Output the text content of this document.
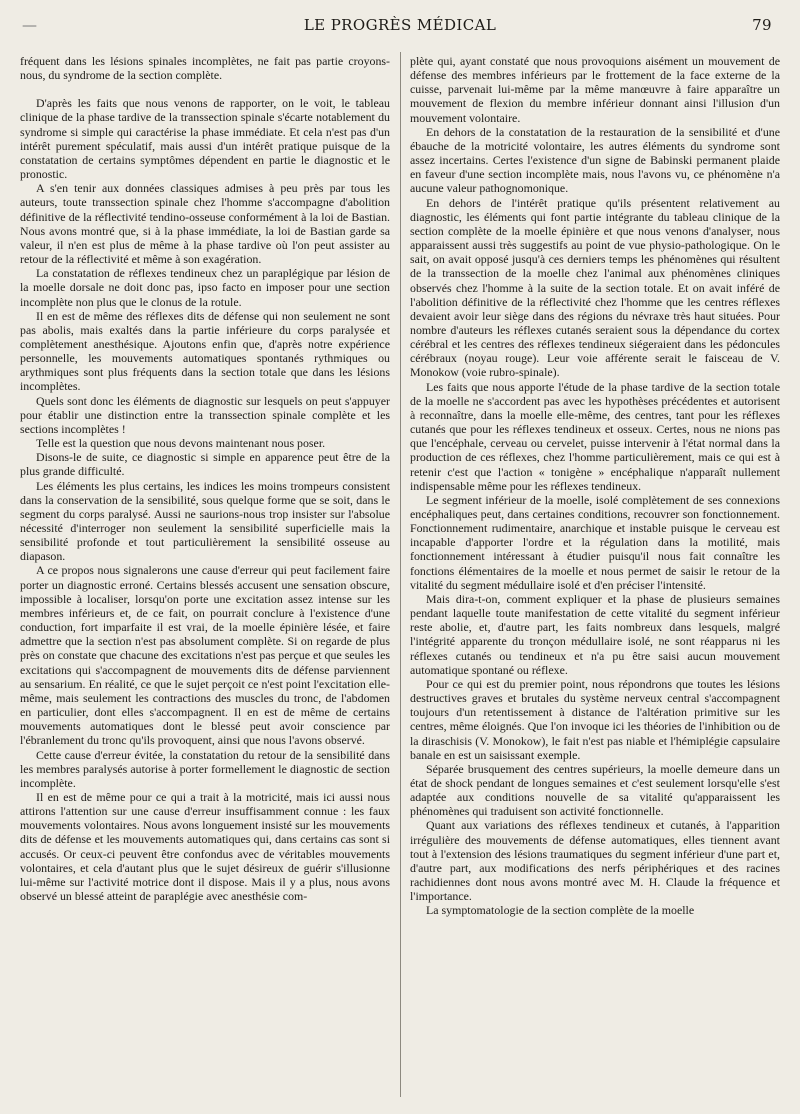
—	LE PROGRÈS MÉDICAL	79

fréquent dans les lésions spinales incomplètes, ne fait pas partie croyons-nous, du syndrome de la section complète.

D'après les faits que nous venons de rapporter, on le voit, le tableau clinique de la phase tardive de la transsection spinale s'écarte notablement du syndrome si simple qui caractérise la phase immédiate. Et cela n'est pas d'un intérêt purement spéculatif, mais aussi d'un intérêt pratique puisque de la constatation de certains symptômes dépendent en partie le diagnostic et le pronostic.

A s'en tenir aux données classiques admises à peu près par tous les auteurs, toute transsection spinale chez l'homme s'accompagne d'abolition définitive de la réflectivité tendino-osseuse conformément à la loi de Bastian. Nous avons montré que, si à la phase immédiate, la loi de Bastian garde sa valeur, il n'en est plus de même à la phase tardive où l'on peut assister au retour de la réflectivité et même à son exagération.

La constatation de réflexes tendineux chez un paraplégique par lésion de la moelle dorsale ne doit donc pas, ipso facto en imposer pour une section incomplète non plus que le clonus de la rotule.

Il en est de même des réflexes dits de défense qui non seulement ne sont pas abolis, mais exaltés dans la partie inférieure du corps paralysée et complètement anesthésique. Ajoutons enfin que, d'après notre expérience personnelle, les mouvements automatiques spontanés rythmiques ou arythmiques sont plus fréquents dans la section totale que dans les lésions incomplètes.

Quels sont donc les éléments de diagnostic sur lesquels on peut s'appuyer pour établir une distinction entre la transsection spinale complète et les sections incomplètes !

Telle est la question que nous devons maintenant nous poser.

Disons-le de suite, ce diagnostic si simple en apparence peut être de la plus grande difficulté.

Les éléments les plus certains, les indices les moins trompeurs consistent dans la conservation de la sensibilité, sous quelque forme que se soit, dans le segment du corps paralysé. Aussi ne saurions-nous trop insister sur l'absolue nécessité d'interroger non seulement la sensibilité superficielle mais la sensibilité profonde et tout particulièrement la sensibilité osseuse au diapason.

A ce propos nous signalerons une cause d'erreur qui peut facilement faire porter un diagnostic erroné. Certains blessés accusent une sensation obscure, impossible à localiser, lorsqu'on porte une excitation assez intense sur les membres inférieurs et, de ce fait, on pourrait conclure à l'existence d'une conduction, fort imparfaite il est vrai, de la moelle épinière lésée, et faire admettre que la section n'est pas absolument complète. Si on regarde de plus près on constate que chacune des excitations n'est pas perçue et que seules les excitations qui s'accompagnent de mouvements dits de défense parviennent au sensarium. En réalité, ce que le sujet perçoit ce n'est point l'excitation elle-même, mais seulement les contractions des muscles du tronc, de l'abdomen en particulier, dont elles s'accompagnent. Il en est de même de certains mouvements automatiques dont le blessé peut avoir conscience par l'ébranlement du tronc qu'ils provoquent, ainsi que nous l'avons observé.

Cette cause d'erreur évitée, la constatation du retour de la sensibilité dans les membres paralysés autorise à porter formellement le diagnostic de section incomplète.

Il en est de même pour ce qui a trait à la motricité, mais ici aussi nous attirons l'attention sur une cause d'erreur insuffisamment connue : les faux mouvements volontaires. Nous avons longuement insisté sur les mouvements dits de défense et les mouvements automatiques qui, dans certains cas sont si accusés. Or ceux-ci peuvent être confondus avec de véritables mouvements volontaires, et cela d'autant plus que le sujet désireux de guérir s'illusionne lui-même sur l'activité motrice dont il dispose. Mais il y a plus, nous avons observé un blessé atteint de paraplégie avec anesthésie com-

plète qui, ayant constaté que nous provoquions aisément un mouvement de défense des membres inférieurs par le frottement de la face externe de la cuisse, parvenait lui-même par la même manœuvre à faire apparaître un mouvement de flexion du membre inférieur donnant ainsi l'illusion d'un mouvement volontaire.

En dehors de la constatation de la restauration de la sensibilité et d'une ébauche de la motricité volontaire, les autres éléments du syndrome sont assez incertains. Certes l'existence d'un signe de Babinski permanent plaide en faveur d'une section incomplète mais, nous l'avons vu, ce phénomène n'a aucune valeur pathognomonique.

En dehors de l'intérêt pratique qu'ils présentent relativement au diagnostic, les éléments qui font partie intégrante du tableau clinique de la section complète de la moelle épinière et que nous venons d'analyser, nous apparaissent aussi très suggestifs au point de vue physio-pathologique. On le sait, on avait opposé jusqu'à ces derniers temps les phénomènes qui résultent de la transsection de la moelle chez l'animal aux phénomènes cliniques observés chez l'homme à la suite de la section totale. Et on avait inféré de l'abolition définitive de la réflectivité chez l'homme que les centres réflexes devaient avoir leur siège dans des régions du névraxe très haut situées. Pour nombre d'auteurs les réflexes cutanés seraient sous la dépendance du cortex cérébral et les centres des réflexes tendineux siégeraient dans les pédoncules cérébraux (noyau rouge). Leur voie afférente serait le faisceau de V. Monokow (voie rubro-spinale).

Les faits que nous apporte l'étude de la phase tardive de la section totale de la moelle ne s'accordent pas avec les hypothèses précédentes et autorisent à reconnaître, dans la moelle elle-même, des centres, tant pour les réflexes cutanés que pour les réflexes tendineux et osseux. Certes, nous ne nions pas que l'encéphale, cerveau ou cervelet, puisse intervenir à l'état normal dans la production de ces réflexes, chez l'homme particulièrement, mais ce qui est à retenir c'est que l'action « tonigène » encéphalique n'apparaît nullement indispensable même pour les réflexes tendineux.

Le segment inférieur de la moelle, isolé complètement de ses connexions encéphaliques peut, dans certaines conditions, recouvrer son fonctionnement. Fonctionnement rudimentaire, anarchique et instable puisque le cerveau est incapable d'apporter l'ordre et la régulation dans la motilité, mais fonctionnement intéressant à étudier puisqu'il nous fait connaître les fonctions élémentaires de la moelle et nous permet de saisir le retour de la vitalité du segment médullaire isolé et d'en préciser l'intensité.

Mais dira-t-on, comment expliquer et la phase de plusieurs semaines pendant laquelle toute manifestation de cette vitalité du segment inférieur reste abolie, et, d'autre part, les faits nombreux dans lesquels, malgré l'intégrité apparente du tronçon médullaire isolé, ne sont réapparus ni les réflexes cutanés ou tendineux et n'a pu être saisi aucun mouvement automatique spontané ou réflexe.

Pour ce qui est du premier point, nous répondrons que toutes les lésions destructives graves et brutales du système nerveux central s'accompagnent toujours d'un retentissement à distance de l'altération primitive sur les centres, même éloignés. Que l'on invoque ici les théories de l'inhibition ou de la diraschisis (V. Monokow), le fait n'est pas niable et l'hémiplégie capsulaire banale en est un saisissant exemple.

Séparée brusquement des centres supérieurs, la moelle demeure dans un état de shock pendant de longues semaines et c'est seulement lorsqu'elle s'est adaptée aux conditions nouvelle de sa vitalité qu'apparaissent les phénomènes qui traduisent son activité fonctionnelle.

Quant aux variations des réflexes tendineux et cutanés, à l'apparition irrégulière des mouvements de défense automatiques, elles tiennent avant tout à l'extension des lésions traumatiques du segment inférieur d'une part et, d'autre part, aux modifications des nerfs périphériques et des racines rachidiennes dont nous avons montré avec M. H. Claude la fréquence et l'importance.

La symptomatologie de la section complète de la moelle
